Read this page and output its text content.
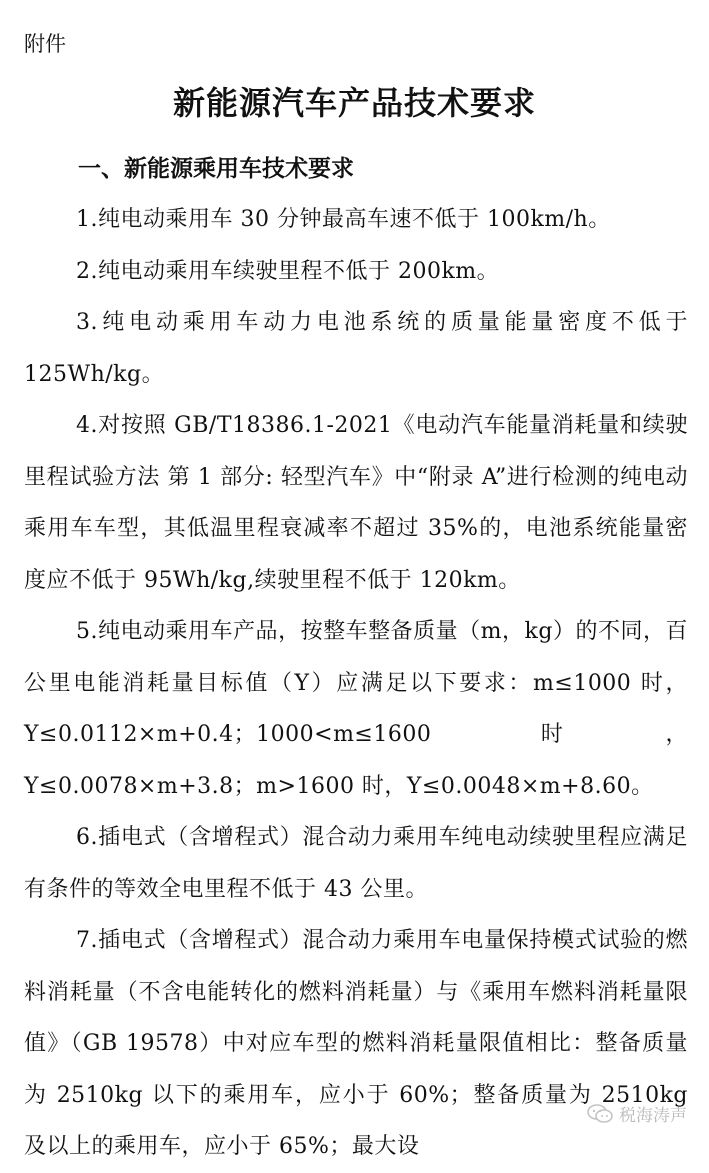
附件

新能源汽车产品技术要求
一、新能源乘用车技术要求

1.纯电动乘用车 30 分钟最高车速不低于 100km/h。

2.纯电动乘用车续驶里程不低于 200km。

3.纯电动乘用车动力电池系统的质量能量密度不低于 125Wh/kg。

4.对按照 GB/T18386.1-2021《电动汽车能量消耗量和续驶里程试验方法 第 1 部分: 轻型汽车》中“附录 A”进行检测的纯电动乘用车车型，其低温里程衰减率不超过 35%的，电池系统能量密度应不低于 95Wh/kg,续驶里程不低于 120km。

5.纯电动乘用车产品，按整车整备质量（m，kg）的不同，百公里电能消耗量目标值（Y）应满足以下要求：m≤1000 时，Y≤0.0112×m+0.4；1000<m≤1600 时，Y≤0.0078×m+3.8；m>1600 时，Y≤0.0048×m+8.60。

6.插电式（含增程式）混合动力乘用车纯电动续驶里程应满足有条件的等效全电里程不低于 43 公里。

7.插电式（含增程式）混合动力乘用车电量保持模式试验的燃料消耗量（不含电能转化的燃料消耗量）与《乘用车燃料消耗量限值》（GB 19578）中对应车型的燃料消耗量限值相比：整备质量为 2510kg 以下的乘用车，应小于 60%；整备质量为 2510kg 及以上的乘用车，应小于 65%；最大设

税海涛声
